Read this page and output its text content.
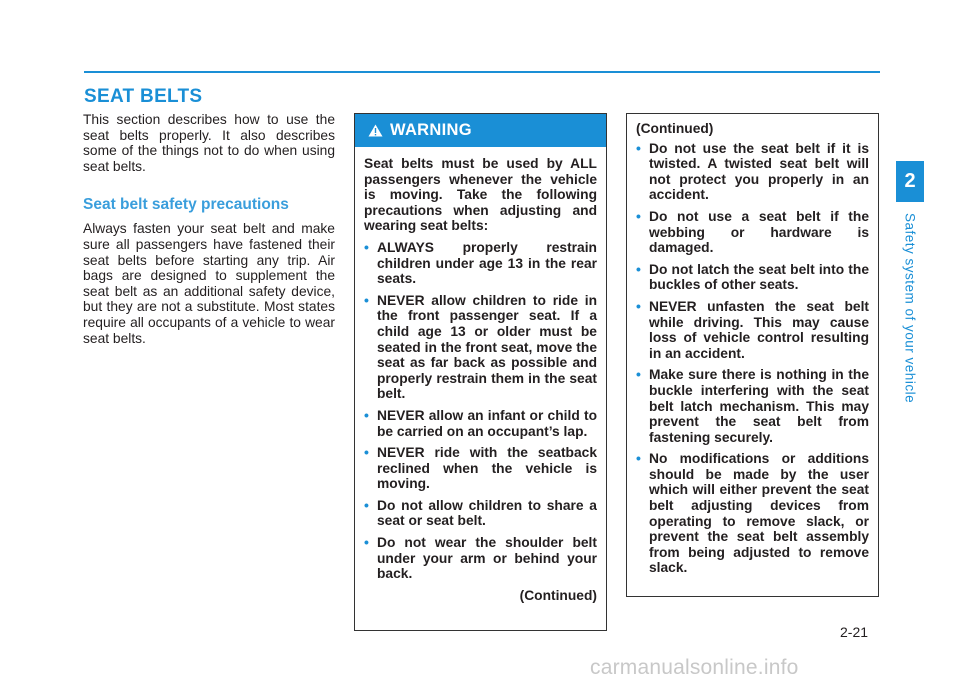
SEAT BELTS

This section describes how to use the seat belts properly. It also describes some of the things not to do when using seat belts.

Seat belt safety precautions

Always fasten your seat belt and make sure all passengers have fastened their seat belts before starting any trip. Air bags are designed to supplement the seat belt as an additional safety device, but they are not a substitute. Most states require all occupants of a vehicle to wear seat belts.

WARNING

Seat belts must be used by ALL passengers whenever the vehicle is moving. Take the following precautions when adjusting and wearing seat belts:

• ALWAYS properly restrain children under age 13 in the rear seats.
• NEVER allow children to ride in the front passenger seat. If a child age 13 or older must be seated in the front seat, move the seat as far back as possible and properly restrain them in the seat belt.
• NEVER allow an infant or child to be carried on an occupant’s lap.
• NEVER ride with the seatback reclined when the vehicle is moving.
• Do not allow children to share a seat or seat belt.
• Do not wear the shoulder belt under your arm or behind your back.
(Continued)

(Continued)

• Do not use the seat belt if it is twisted. A twisted seat belt will not protect you properly in an accident.
• Do not use a seat belt if the webbing or hardware is damaged.
• Do not latch the seat belt into the buckles of other seats.
• NEVER unfasten the seat belt while driving. This may cause loss of vehicle control resulting in an accident.
• Make sure there is nothing in the buckle interfering with the seat belt latch mechanism. This may prevent the seat belt from fastening securely.
• No modifications or additions should be made by the user which will either prevent the seat belt adjusting devices from operating to remove slack, or prevent the seat belt assembly from being adjusted to remove slack.
2
Safety system of your vehicle
2-21
carmanualsonline.info
